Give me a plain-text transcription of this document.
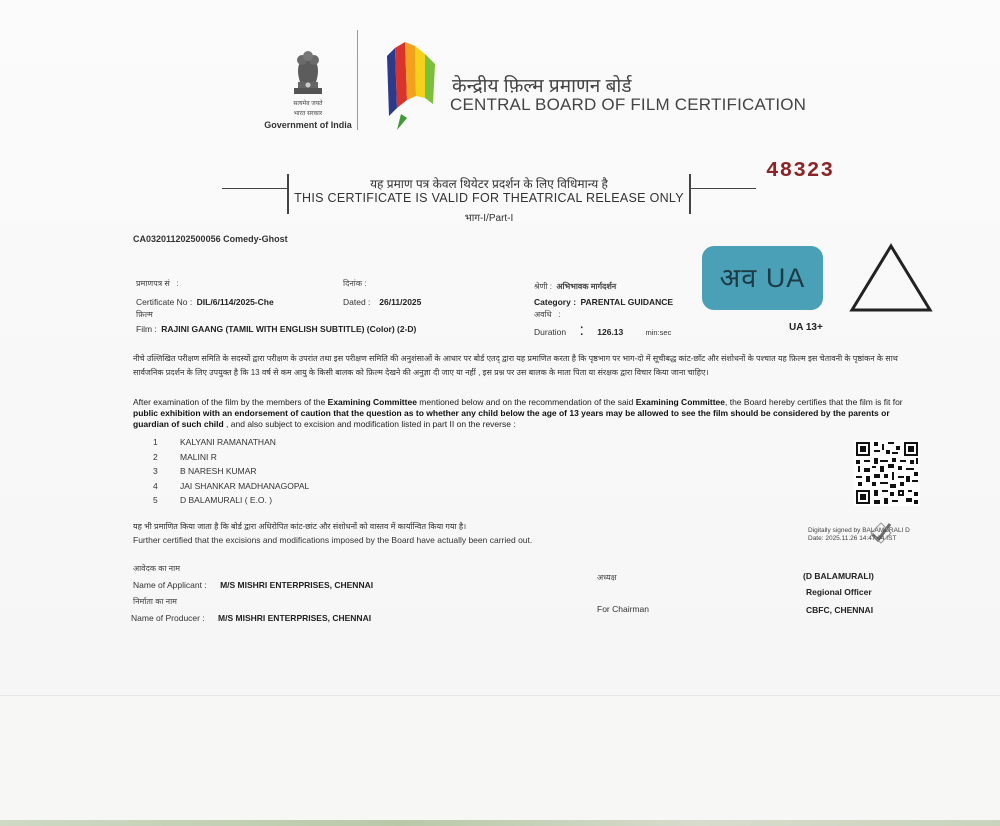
सत्यमेव जयते
भारत सरकार
Government of India
केन्द्रीय फ़िल्म प्रमाणन बोर्ड
CENTRAL BOARD OF FILM CERTIFICATION
48323
यह प्रमाण पत्र केवल थियेटर प्रदर्शन के लिए विधिमान्य है
THIS CERTIFICATE IS VALID FOR THEATRICAL RELEASE ONLY
भाग-I/Part-I
CA032011202500056 Comedy-Ghost
प्रमाणपत्र सं   :
Certificate No : DIL/6/114/2025-Che
दिनांक :
Dated : 26/11/2025
फ़िल्म
Film : RAJINI GAANG (TAMIL WITH ENGLISH SUBTITLE) (Color) (2-D)
श्रेणी : अभिभावक मार्गदर्शन
Category : PARENTAL GUIDANCE
अवधि   :
Duration   :   126.13	min:sec
अव UA
UA 13+
नीचे उल्लिखित परीक्षण समिति के सदस्यों द्वारा परीक्षण के उपरांत तथा इस परीक्षण समिति की अनुशंसाओं के आधार पर बोर्ड एतद् द्वारा यह प्रमाणित करता है कि पृष्ठभाग पर भाग-दो में सूचीबद्ध कांट-छाँट और संशोधनों के पश्चात यह फ़िल्म इस चेतावनी के पृष्ठांकन के साथ सार्वजनिक प्रदर्शन के लिए उपयुक्त है कि 13 वर्ष से कम आयु के किसी बालक को फ़िल्म देखने की अनुज्ञा दी जाए या नहीं , इस प्रश्न पर उस बालक के माता पिता या संरक्षक द्वारा विचार किया जाना चाहिए।
After examination of the film by the members of the Examining Committee mentioned below and on the recommendation of the said Examining Committee, the Board hereby certifies that the film is fit for public exhibition with an endorsement of caution that the question as to whether any child below the age of 13 years may be allowed to see the film should be considered by the parents or guardian of such child , and also subject to excision and modification listed in part II on the reverse :
1	KALYANI RAMANATHAN
2	MALINI R
3	B NARESH KUMAR
4	JAI SHANKAR MADHANAGOPAL
5	D BALAMURALI ( E.O. )
यह भी प्रमाणित किया जाता है कि बोर्ड द्वारा अधिरोपित कांट-छांट और संशोधनों को वास्तव में कार्यान्वित किया गया है।
Further certified that the excisions and modifications imposed by the Board have actually been carried out.
Digitally signed by BALAMURALI D
Date: 2025.11.26 14:47:04 IST
आवेदक का नाम
Name of Applicant : M/S MISHRI ENTERPRISES, CHENNAI
निर्माता का नाम
Name of Producer : M/S MISHRI ENTERPRISES, CHENNAI
अध्यक्ष
For Chairman
(D BALAMURALI)
Regional Officer
CBFC, CHENNAI
